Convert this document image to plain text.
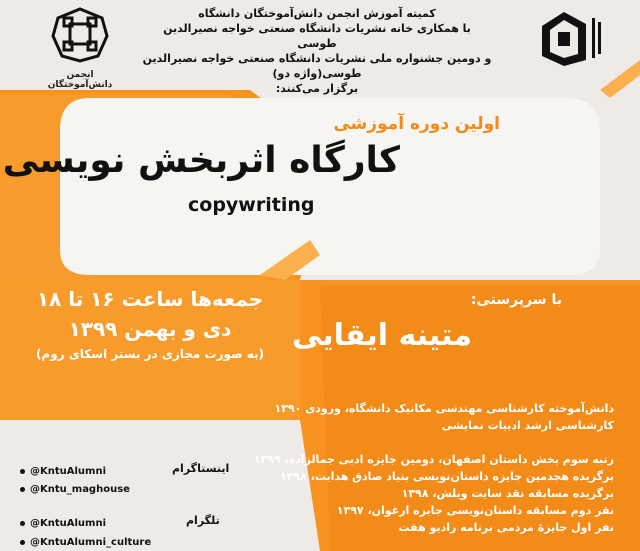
انجمن دانش‌آموختگان
کمیته آموزش انجمن دانش‌آموختگان دانشگاه
با همکاری خانه نشریات دانشگاه صنعتی خواجه نصیرالدین طوسی
و دومین جشنواره ملی نشریات دانشگاه صنعتی خواجه نصیرالدین طوسی(واژه دو)
برگزار می‌کنند:
اولین دوره آموزشی
کارگاه اثربخش نویسی
copywriting
جمعه‌ها ساعت ۱۶ تا ۱۸
دی و بهمن ۱۳۹۹
(به صورت مجازی در بستر اسکای روم)
با سرپرستی:
متینه ایقایی
دانش‌آموخته کارشناسی مهندسی مکانیک دانشگاه، ورودی ۱۳۹۰
کارشناسی ارشد ادبیات نمایشی
رتبه سوم بخش داستان اصفهان، دومین جایزه ادبی جمالزاده، ۱۳۹۹
برگزیده هجدمین جایزه داستان‌نویسی بنیاد صادق هدایت، ۱۳۹۸
برگزیده مسابقه نقد سایت ویلش، ۱۳۹۸
نفر دوم مسابقه داستان‌نویسی جایزه ارغوان، ۱۳۹۷
نفر اول جایزهٔ مردمی برنامه رادیو هفت
اینستاگرام
@KntuAlumni
@Kntu_maghouse
تلگرام
@KntuAlumni
@KntuAlumni_culture
